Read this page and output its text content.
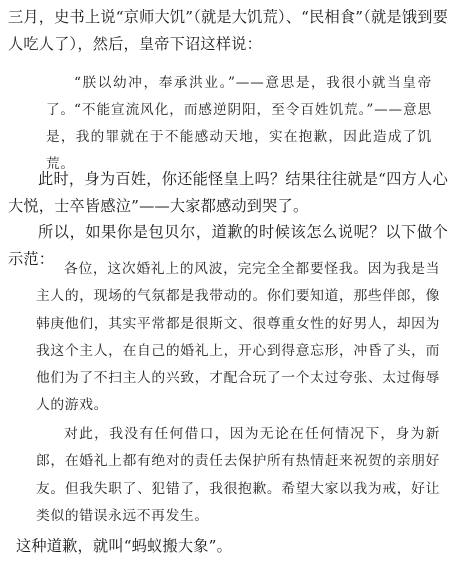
三月，史书上说“京师大饥”（就是大饥荒）、“民相食”（就是饿到要人吃人了），然后，皇帝下诏这样说：

“朕以幼冲，奉承洪业。”——意思是，我很小就当皇帝了。 “不能宣流风化，而感逆阴阳，至令百姓饥荒。”——意思是，我的罪就在于不能感动天地，实在抱歉，因此造成了饥荒。

此时，身为百姓，你还能怪皇上吗？结果往往就是“四方人心大悦，士卒皆感泣”——大家都感动到哭了。

所以，如果你是包贝尔，道歉的时候该怎么说呢？以下做个示范：

各位，这次婚礼上的风波，完完全全都要怪我。因为我是当主人的，现场的气氛都是我带动的。你们要知道，那些伴郎，像韩庚他们，其实平常都是很斯文、很尊重女性的好男人，却因为我这个主人，在自己的婚礼上，开心到得意忘形，冲昏了头，而他们为了不扫主人的兴致，才配合玩了一个太过夸张、太过侮辱人的游戏。

对此，我没有任何借口，因为无论在任何情况下，身为新郎，在婚礼上都有绝对的责任去保护所有热情赶来祝贺的亲朋好友。但我失职了、犯错了，我很抱歉。希望大家以我为戒，好让类似的错误永远不再发生。

这种道歉，就叫“蚂蚁搬大象”。
